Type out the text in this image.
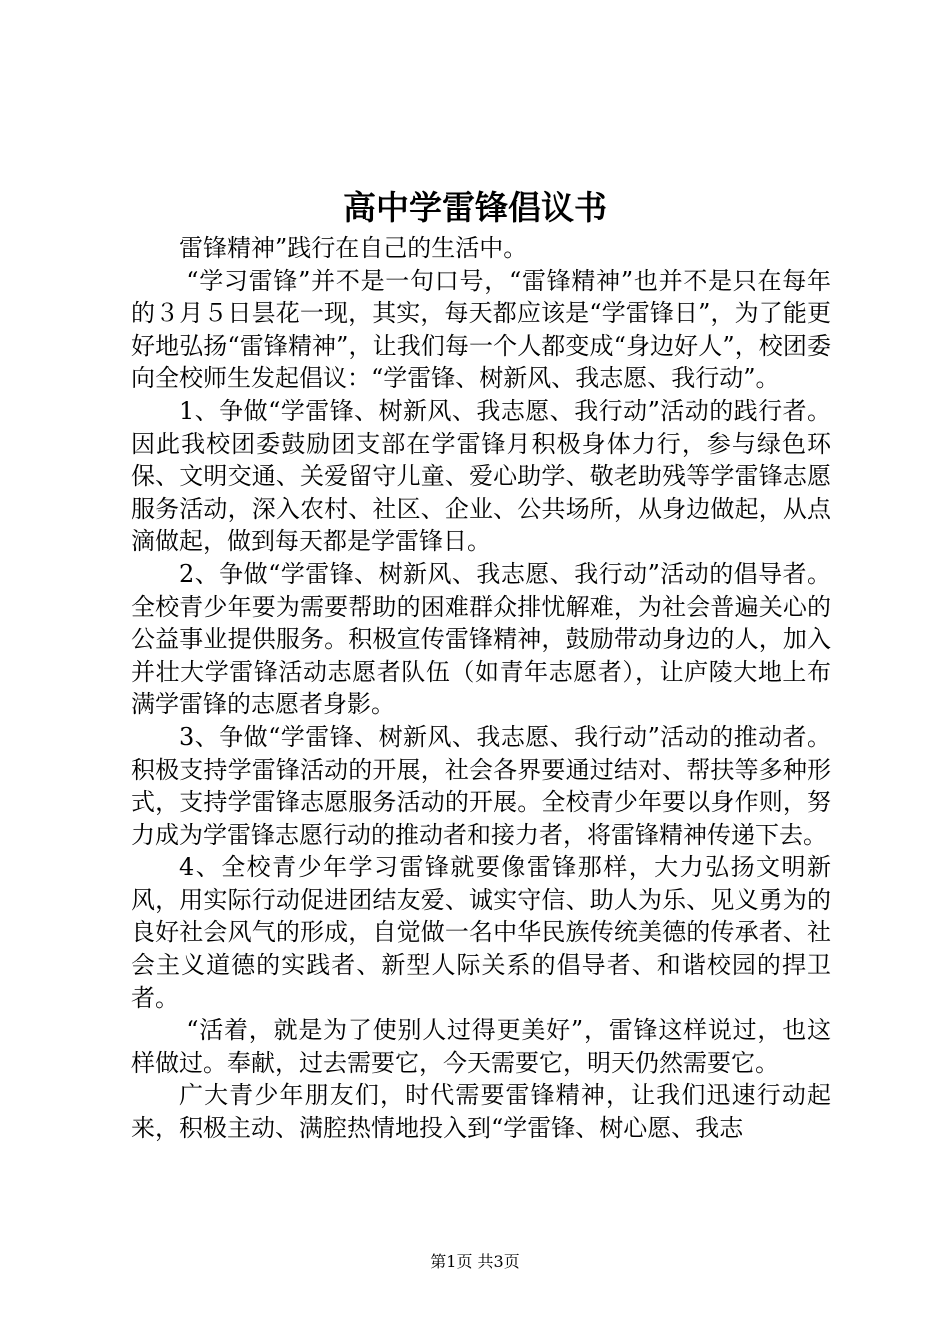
高中学雷锋倡议书

雷锋精神”践行在自己的生活中。

“学习雷锋”并不是一句口号，“雷锋精神”也并不是只在每年的３月５日昙花一现，其实，每天都应该是“学雷锋日”，为了能更好地弘扬“雷锋精神”，让我们每一个人都变成“身边好人”，校团委向全校师生发起倡议：“学雷锋、树新风、我志愿、我行动”。

1、争做“学雷锋、树新风、我志愿、我行动”活动的践行者。因此我校团委鼓励团支部在学雷锋月积极身体力行，参与绿色环保、文明交通、关爱留守儿童、爱心助学、敬老助残等学雷锋志愿服务活动，深入农村、社区、企业、公共场所，从身边做起，从点滴做起，做到每天都是学雷锋日。

2、争做“学雷锋、树新风、我志愿、我行动”活动的倡导者。全校青少年要为需要帮助的困难群众排忧解难，为社会普遍关心的公益事业提供服务。积极宣传雷锋精神，鼓励带动身边的人，加入并壮大学雷锋活动志愿者队伍（如青年志愿者），让庐陵大地上布满学雷锋的志愿者身影。

3、争做“学雷锋、树新风、我志愿、我行动”活动的推动者。积极支持学雷锋活动的开展，社会各界要通过结对、帮扶等多种形式，支持学雷锋志愿服务活动的开展。全校青少年要以身作则，努力成为学雷锋志愿行动的推动者和接力者，将雷锋精神传递下去。

4、全校青少年学习雷锋就要像雷锋那样，大力弘扬文明新风，用实际行动促进团结友爱、诚实守信、助人为乐、见义勇为的良好社会风气的形成，自觉做一名中华民族传统美德的传承者、社会主义道德的实践者、新型人际关系的倡导者、和谐校园的捍卫者。

“活着，就是为了使别人过得更美好”，雷锋这样说过，也这样做过。奉献，过去需要它，今天需要它，明天仍然需要它。

广大青少年朋友们，时代需要雷锋精神，让我们迅速行动起来，积极主动、满腔热情地投入到“学雷锋、树心愿、我志

第1页 共3页
